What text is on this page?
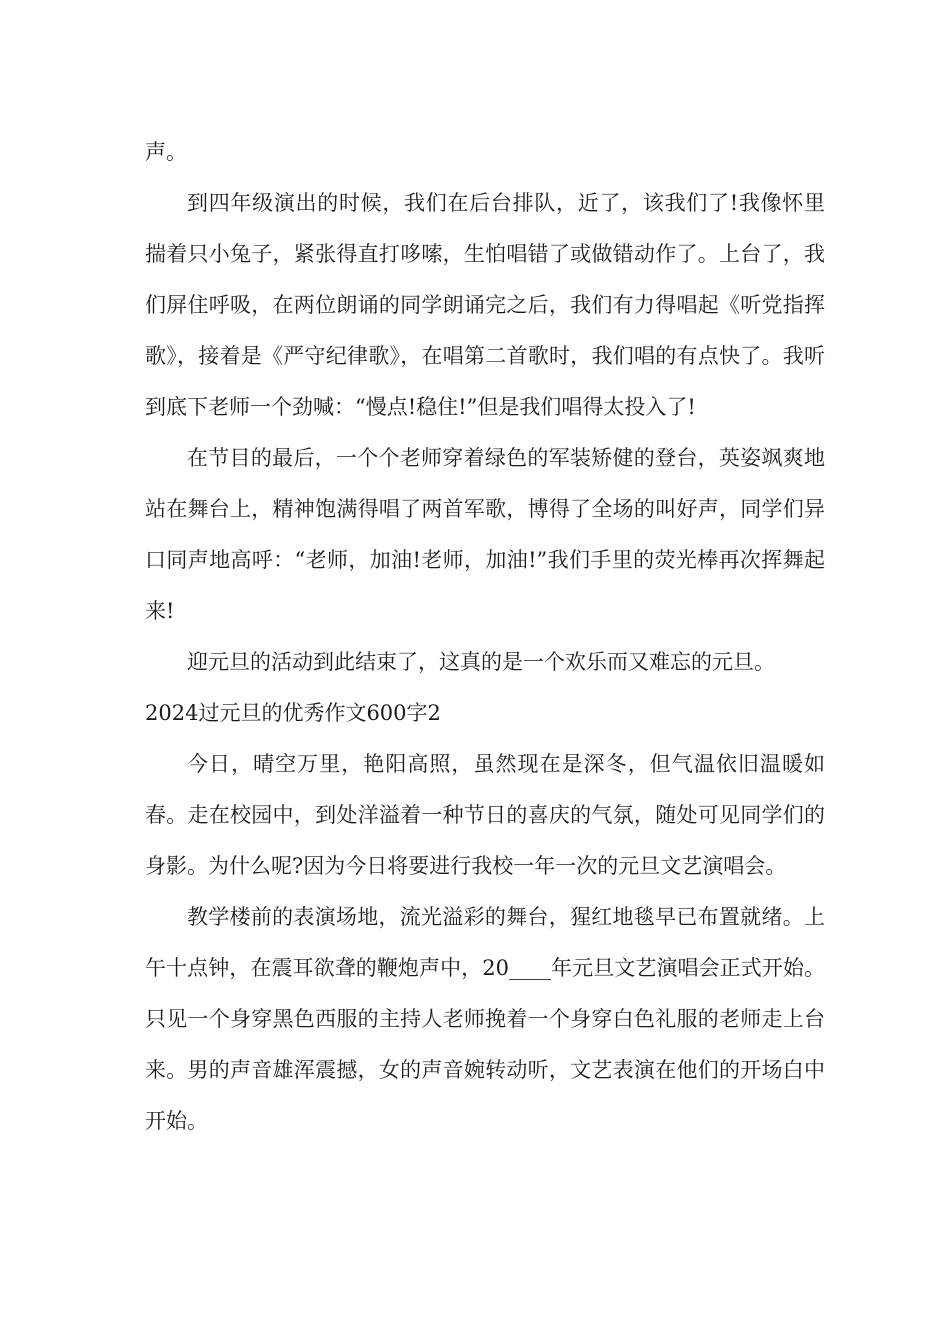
声。

到四年级演出的时候，我们在后台排队，近了，该我们了!我像怀里揣着只小兔子，紧张得直打哆嗦，生怕唱错了或做错动作了。上台了，我们屏住呼吸，在两位朗诵的同学朗诵完之后，我们有力得唱起《听党指挥歌》，接着是《严守纪律歌》，在唱第二首歌时，我们唱的有点快了。我听到底下老师一个劲喊：“慢点!稳住!”但是我们唱得太投入了!

在节目的最后，一个个老师穿着绿色的军装矫健的登台，英姿飒爽地站在舞台上，精神饱满得唱了两首军歌，博得了全场的叫好声，同学们异口同声地高呼：“老师，加油!老师，加油!”我们手里的荧光棒再次挥舞起来!

迎元旦的活动到此结束了，这真的是一个欢乐而又难忘的元旦。

2024过元旦的优秀作文600字2

今日，晴空万里，艳阳高照，虽然现在是深冬，但气温依旧温暖如春。走在校园中，到处洋溢着一种节日的喜庆的气氛，随处可见同学们的身影。为什么呢?因为今日将要进行我校一年一次的元旦文艺演唱会。

教学楼前的表演场地，流光溢彩的舞台，猩红地毯早已布置就绪。上午十点钟，在震耳欲聋的鞭炮声中，20____年元旦文艺演唱会正式开始。只见一个身穿黑色西服的主持人老师挽着一个身穿白色礼服的老师走上台来。男的声音雄浑震撼，女的声音婉转动听，文艺表演在他们的开场白中开始。
